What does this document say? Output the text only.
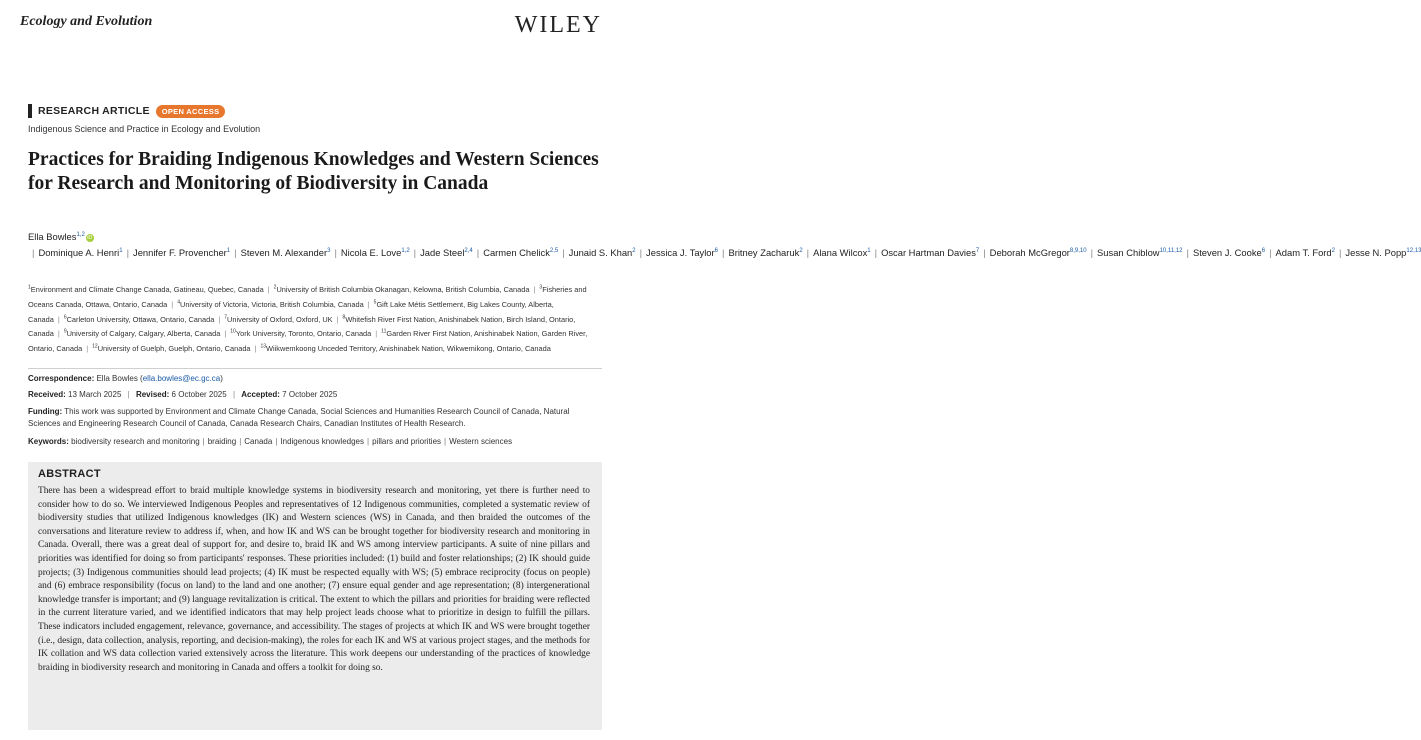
Ecology and Evolution	WILEY
RESEARCH ARTICLE	OPEN ACCESS
Indigenous Science and Practice in Ecology and Evolution
Practices for Braiding Indigenous Knowledges and Western Sciences for Research and Monitoring of Biodiversity in Canada
Ella Bowles$^{1,2}$iD| Dominique A. Henri$^1$ | Jennifer F. Provencher$^1$ | Steven M. Alexander$^3$ | Nicola E. Love$^{1,2}$ | Jade Steel$^{2,4}$ | Carmen Chelick$^{2,5}$ | Junaid S. Khan$^2$ | Jessica J. Taylor$^6$ | Britney Zacharuk$^2$ | Alana Wilcox$^1$ | Oscar Hartman Davies$^7$ | Deborah McGregor$^{8,9,10}$ | Susan Chiblow$^{10,11,12}$ | Steven J. Cooke$^6$ | Adam T. Ford$^2$ | Jesse N. Popp$^{12,13}$
$^1$Environment and Climate Change Canada, Gatineau, Quebec, Canada | $^2$University of British Columbia Okanagan, Kelowna, British Columbia, Canada | $^3$Fisheries and Oceans Canada, Ottawa, Ontario, Canada | $^4$University of Victoria, Victoria, British Columbia, Canada | $^5$Gift Lake Métis Settlement, Big Lakes County, Alberta, Canada | $^6$Carleton University, Ottawa, Ontario, Canada | $^7$University of Oxford, Oxford, UK | $^8$Whitefish River First Nation, Anishinabek Nation, Birch Island, Ontario, Canada | $^9$University of Calgary, Calgary, Alberta, Canada | $^{10}$York University, Toronto, Ontario, Canada | $^{11}$Garden River First Nation, Anishinabek Nation, Garden River, Ontario, Canada | $^{12}$University of Guelph, Guelph, Ontario, Canada | $^{13}$Wiikwemkoong Unceded Territory, Anishinabek Nation, Wikwemikong, Ontario, Canada
Correspondence: Ella Bowles (ella.bowles@ec.gc.ca)
Received: 13 March 2025 | Revised: 6 October 2025 | Accepted: 7 October 2025
Funding: This work was supported by Environment and Climate Change Canada, Social Sciences and Humanities Research Council of Canada, Natural Sciences and Engineering Research Council of Canada, Canada Research Chairs, Canadian Institutes of Health Research.
Keywords: biodiversity research and monitoring | braiding | Canada | Indigenous knowledges | pillars and priorities | Western sciences
ABSTRACT

There has been a widespread effort to braid multiple knowledge systems in biodiversity research and monitoring, yet there is further need to consider how to do so. We interviewed Indigenous Peoples and representatives of 12 Indigenous communities, completed a systematic review of biodiversity studies that utilized Indigenous knowledges (IK) and Western sciences (WS) in Canada, and then braided the outcomes of the conversations and literature review to address if, when, and how IK and WS can be brought together for biodiversity research and monitoring in Canada. Overall, there was a great deal of support for, and desire to, braid IK and WS among interview participants. A suite of nine pillars and priorities was identified for doing so from participants' responses. These priorities included: (1) build and foster relationships; (2) IK should guide projects; (3) Indigenous communities should lead projects; (4) IK must be respected equally with WS; (5) embrace reciprocity (focus on people) and (6) embrace responsibility (focus on land) to the land and one another; (7) ensure equal gender and age representation; (8) intergenerational knowledge transfer is important; and (9) language revitalization is critical. The extent to which the pillars and priorities for braiding were reflected in the current literature varied, and we identified indicators that may help project leads choose what to prioritize in design to fulfill the pillars. These indicators included engagement, relevance, governance, and accessibility. The stages of projects at which IK and WS were brought together (i.e., design, data collection, analysis, reporting, and decision-making), the roles for each IK and WS at various project stages, and the methods for IK collation and WS data collection varied extensively across the literature. This work deepens our understanding of the practices of knowledge braiding in biodiversity research and monitoring in Canada and offers a toolkit for doing so.
